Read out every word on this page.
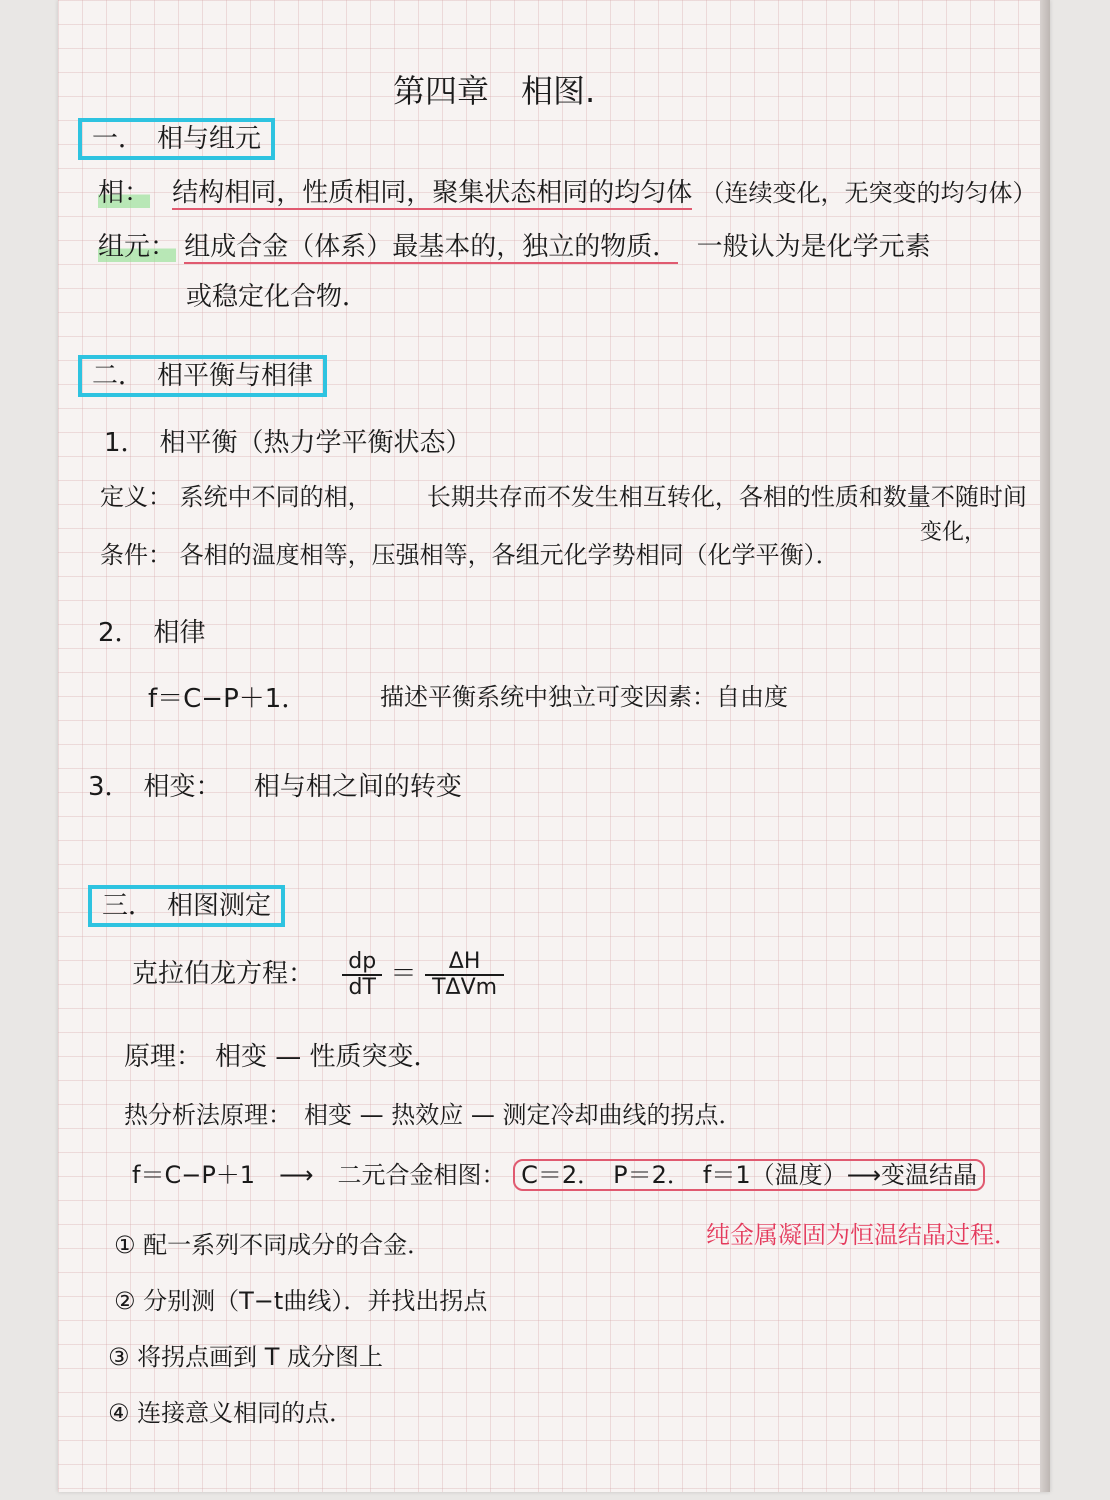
第四章　相图.
一．　相与组元
相： 结构相同，性质相同，聚集状态相同的均匀体 （连续变化，无突变的均匀体）
组元： 组成合金（体系）最基本的，独立的物质． 一般认为是化学元素
或稳定化合物．
二．　相平衡与相律
1．　相平衡（热力学平衡状态）
定义： 系统中不同的相， 长期共存而不发生相互转化，各相的性质和数量不随时间
变化，
条件： 各相的温度相等，压强相等，各组元化学势相同（化学平衡）．
2．　相律
f＝C−P＋1．	描述平衡系统中独立可变因素：自由度
3．　相变： 相与相之间的转变
三．　相图测定
克拉伯龙方程： $\frac{dp}{dT} = \frac{\Delta H}{\text{TΔVm}}$
原理：　相变 — 性质突变．
热分析法原理：　相变 — 热效应 — 测定冷却曲线的拐点．
f＝C−P＋1　⟶　二元合金相图： C＝2．　P＝2．　f＝1（温度）⟶变温结晶
纯金属凝固为恒温结晶过程．
① 配一系列不同成分的合金．
② 分别测（T−t曲线）．并找出拐点
③ 将拐点画到 T 成分图上
④ 连接意义相同的点．
